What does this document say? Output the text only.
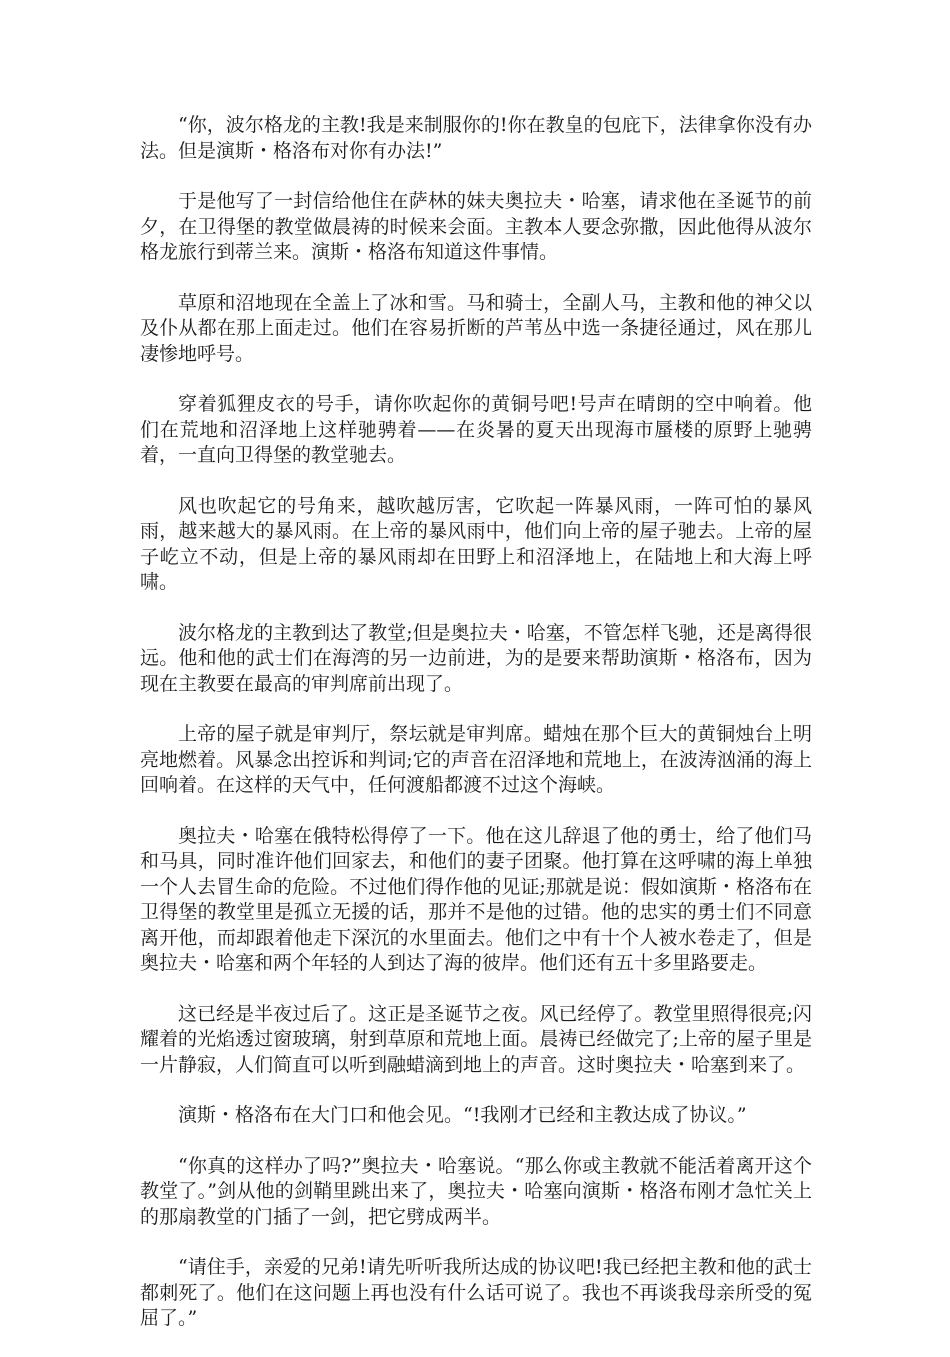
“你，波尔格龙的主教!我是来制服你的!你在教皇的包庇下，法律拿你没有办法。但是演斯・格洛布对你有办法!”

于是他写了一封信给他住在萨林的妹夫奥拉夫・哈塞，请求他在圣诞节的前夕，在卫得堡的教堂做晨祷的时候来会面。主教本人要念弥撒，因此他得从波尔格龙旅行到蒂兰来。演斯・格洛布知道这件事情。

草原和沼地现在全盖上了冰和雪。马和骑士，全副人马，主教和他的神父以及仆从都在那上面走过。他们在容易折断的芦苇丛中选一条捷径通过，风在那儿凄惨地呼号。

穿着狐狸皮衣的号手，请你吹起你的黄铜号吧!号声在晴朗的空中响着。他们在荒地和沼泽地上这样驰骋着——在炎暑的夏天出现海市蜃楼的原野上驰骋着，一直向卫得堡的教堂驰去。

风也吹起它的号角来，越吹越厉害，它吹起一阵暴风雨，一阵可怕的暴风雨，越来越大的暴风雨。在上帝的暴风雨中，他们向上帝的屋子驰去。上帝的屋子屹立不动，但是上帝的暴风雨却在田野上和沼泽地上，在陆地上和大海上呼啸。

波尔格龙的主教到达了教堂;但是奥拉夫・哈塞，不管怎样飞驰，还是离得很远。他和他的武士们在海湾的另一边前进，为的是要来帮助演斯・格洛布，因为现在主教要在最高的审判席前出现了。

上帝的屋子就是审判厅，祭坛就是审判席。蜡烛在那个巨大的黄铜烛台上明亮地燃着。风暴念出控诉和判词;它的声音在沼泽地和荒地上，在波涛汹涌的海上回响着。在这样的天气中，任何渡船都渡不过这个海峡。

奥拉夫・哈塞在俄特松得停了一下。他在这儿辞退了他的勇士，给了他们马和马具，同时准许他们回家去，和他们的妻子团聚。他打算在这呼啸的海上单独一个人去冒生命的危险。不过他们得作他的见证;那就是说：假如演斯・格洛布在卫得堡的教堂里是孤立无援的话，那并不是他的过错。他的忠实的勇士们不同意离开他，而却跟着他走下深沉的水里面去。他们之中有十个人被水卷走了，但是奥拉夫・哈塞和两个年轻的人到达了海的彼岸。他们还有五十多里路要走。

这已经是半夜过后了。这正是圣诞节之夜。风已经停了。教堂里照得很亮;闪耀着的光焰透过窗玻璃，射到草原和荒地上面。晨祷已经做完了;上帝的屋子里是一片静寂，人们简直可以听到融蜡滴到地上的声音。这时奥拉夫・哈塞到来了。

演斯・格洛布在大门口和他会见。“!我刚才已经和主教达成了协议。”

“你真的这样办了吗?”奥拉夫・哈塞说。“那么你或主教就不能活着离开这个教堂了。”剑从他的剑鞘里跳出来了，奥拉夫・哈塞向演斯・格洛布刚才急忙关上的那扇教堂的门插了一剑，把它劈成两半。

“请住手，亲爱的兄弟!请先听听我所达成的协议吧!我已经把主教和他的武士都刺死了。他们在这问题上再也没有什么话可说了。我也不再谈我母亲所受的冤屈了。”
